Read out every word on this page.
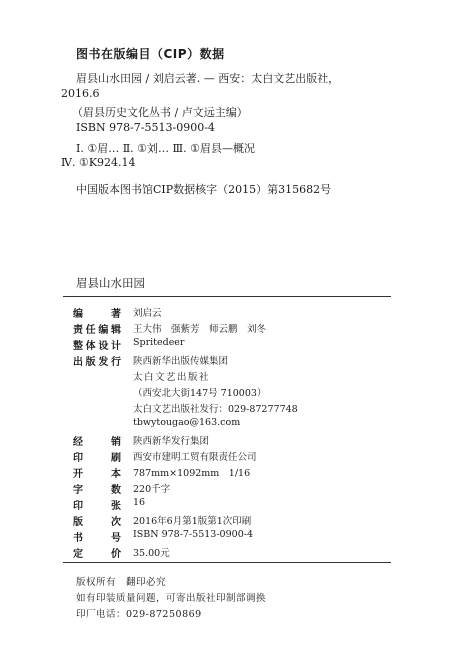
图书在版编目（CIP）数据
眉县山水田园 / 刘启云著. — 西安：太白文艺出版社，
2016.6
（眉县历史文化丛书 / 卢文远主编）
ISBN 978-7-5513-0900-4
Ⅰ. ①眉… Ⅱ. ①刘… Ⅲ. ①眉县—概况
Ⅳ. ①K924.14
中国版本图书馆CIP数据核字（2015）第315682号
眉县山水田园
编	著 刘启云
责 任 编 辑 王大伟　强紫芳　师云鹏　刘冬
整 体 设 计 Spritedeer
出 版 发 行 陕西新华出版传媒集团
太白文艺出版社
（西安北大街147号 710003）
太白文艺出版社发行：029-87277748
tbwytougao@163.com
经	销 陕西新华发行集团
印	刷 西安市建明工贸有限责任公司
开	本 787mm×1092mm　1/16
字	数 220千字
印	张 16
版	次 2016年6月第1版第1次印刷
书	号 ISBN 978-7-5513-0900-4
定	价 35.00元
版权所有　翻印必究
如有印装质量问题，可寄出版社印制部调换
印厂电话：029-87250869
